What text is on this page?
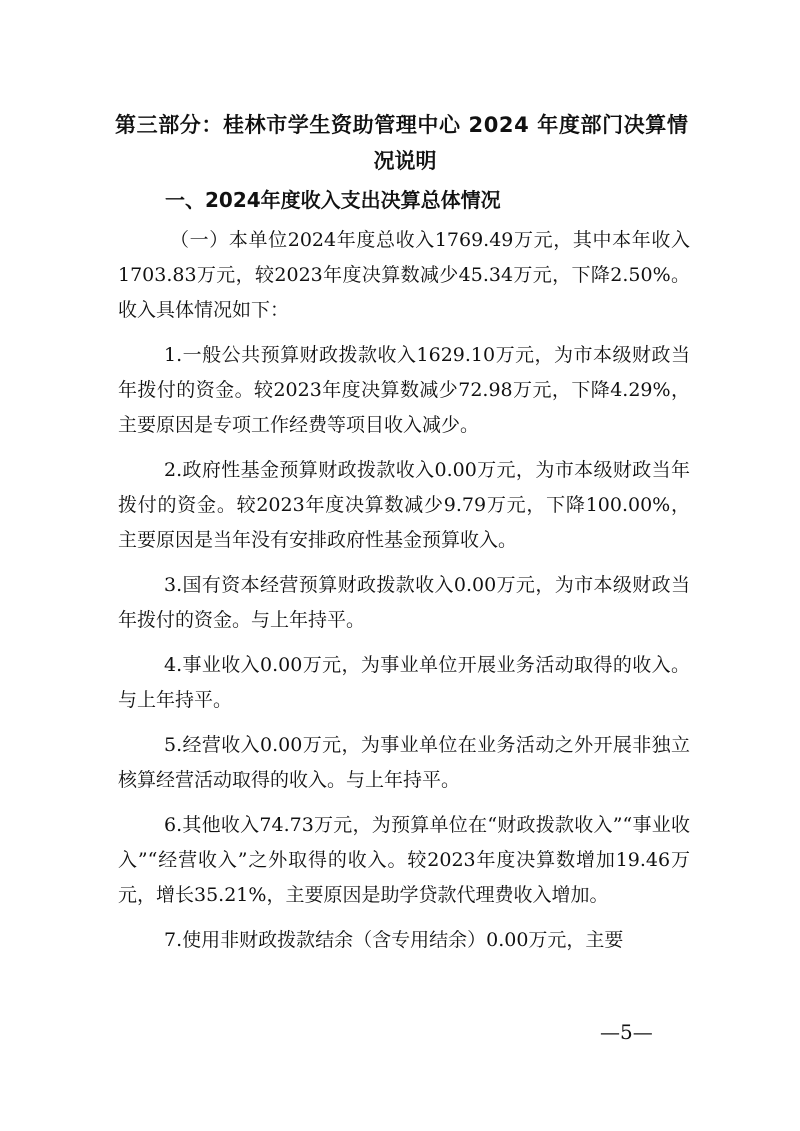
第三部分：桂林市学生资助管理中心 2024 年度部门决算情
况说明
一、2024年度收入支出决算总体情况

（一）本单位2024年度总收入1769.49万元，其中本年收入1703.83万元，较2023年度决算数减少45.34万元，下降2.50%。收入具体情况如下：

1.一般公共预算财政拨款收入1629.10万元，为市本级财政当年拨付的资金。较2023年度决算数减少72.98万元，下降4.29%，主要原因是专项工作经费等项目收入减少。

2.政府性基金预算财政拨款收入0.00万元，为市本级财政当年拨付的资金。较2023年度决算数减少9.79万元，下降100.00%，主要原因是当年没有安排政府性基金预算收入。

3.国有资本经营预算财政拨款收入0.00万元，为市本级财政当年拨付的资金。与上年持平。

4.事业收入0.00万元，为事业单位开展业务活动取得的收入。与上年持平。

5.经营收入0.00万元，为事业单位在业务活动之外开展非独立核算经营活动取得的收入。与上年持平。

6.其他收入74.73万元，为预算单位在“财政拨款收入”“事业收入”“经营收入”之外取得的收入。较2023年度决算数增加19.46万元，增长35.21%，主要原因是助学贷款代理费收入增加。

7.使用非财政拨款结余（含专用结余）0.00万元，主要

—5—
